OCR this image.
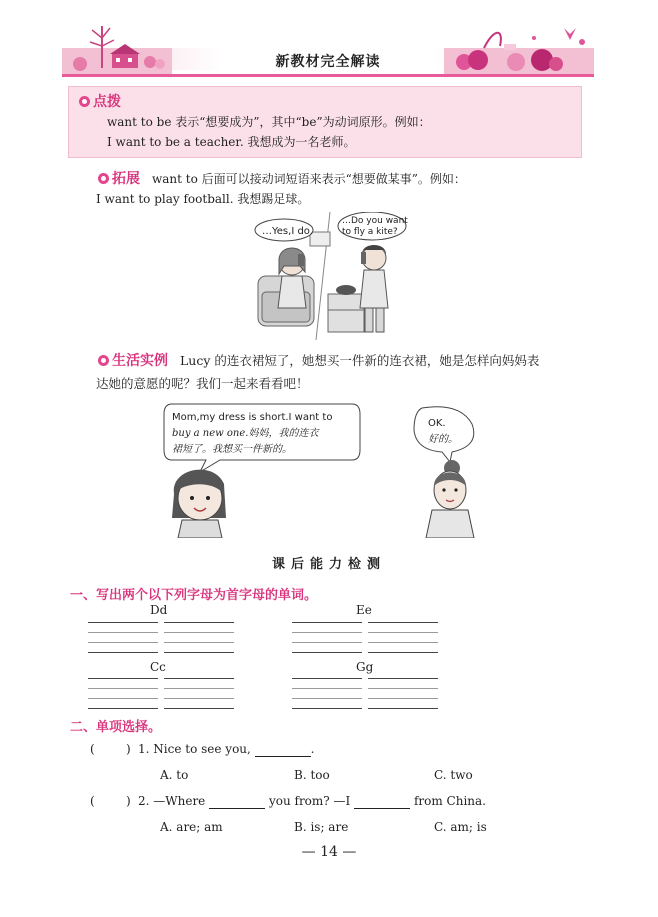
新教材完全解读
点拨
want to be 表示“想要成为”，其中“be”为动词原形。例如：
I want to be a teacher. 我想成为一名老师。
拓展 want to 后面可以接动词短语来表示“想要做某事”。例如：
I want to play football. 我想踢足球。
…Yes,I do.
…Do you want
to fly a kite?
生活实例 Lucy 的连衣裙短了，她想买一件新的连衣裙，她是怎样向妈妈表
达她的意愿的呢？我们一起来看看吧！
Mom,my dress is short.I want to
buy a new one.妈妈，我的连衣
裙短了。我想买一件新的。
OK.
好的。
课后能力检测
一、写出两个以下列字母为首字母的单词。
Dd	Ee
Cc	Gg
二、单项选择。
(	) 1. Nice to see you,	.
A. to	B. too	C. two
(	) 2. —Where	you from? —I	from China.
A. are; am	B. is; are	C. am; is
— 14 —
